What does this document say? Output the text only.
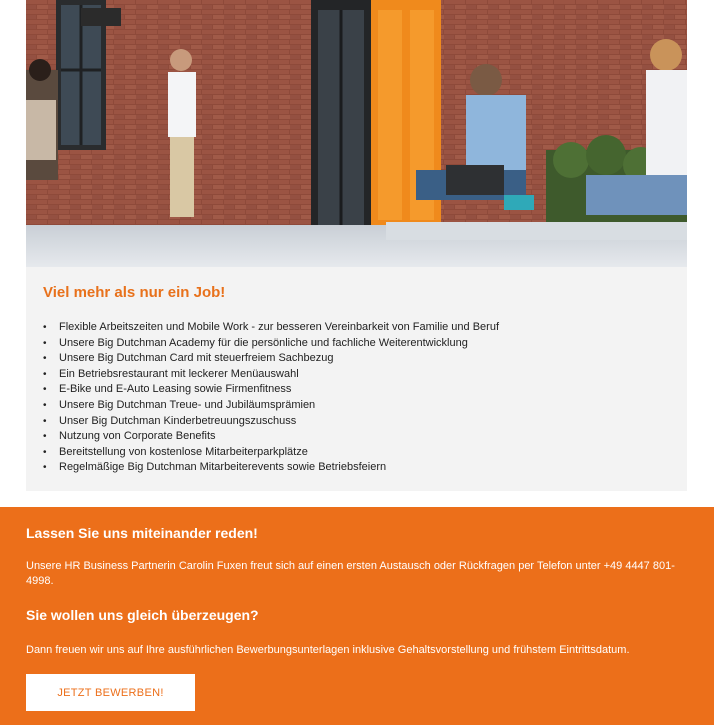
Viel mehr als nur ein Job!
• Flexible Arbeitszeiten und Mobile Work - zur besseren Vereinbarkeit von Familie und Beruf
• Unsere Big Dutchman Academy für die persönliche und fachliche Weiterentwicklung
• Unsere Big Dutchman Card mit steuerfreiem Sachbezug
• Ein Betriebsrestaurant mit leckerer Menüauswahl
• E-Bike und E-Auto Leasing sowie Firmenfitness
• Unsere Big Dutchman Treue- und Jubiläumsprämien
• Unser Big Dutchman Kinderbetreuungszuschuss
• Nutzung von Corporate Benefits
• Bereitstellung von kostenlose Mitarbeiterparkplätze
• Regelmäßige Big Dutchman Mitarbeiterevents sowie Betriebsfeiern
Lassen Sie uns miteinander reden!

Unsere HR Business Partnerin Carolin Fuxen freut sich auf einen ersten Austausch oder Rückfragen per Telefon unter +49 4447 801-4998.

Sie wollen uns gleich überzeugen?

Dann freuen wir uns auf Ihre ausführlichen Bewerbungsunterlagen inklusive Gehaltsvorstellung und frühstem Eintrittsdatum.

JETZT BEWERBEN!
